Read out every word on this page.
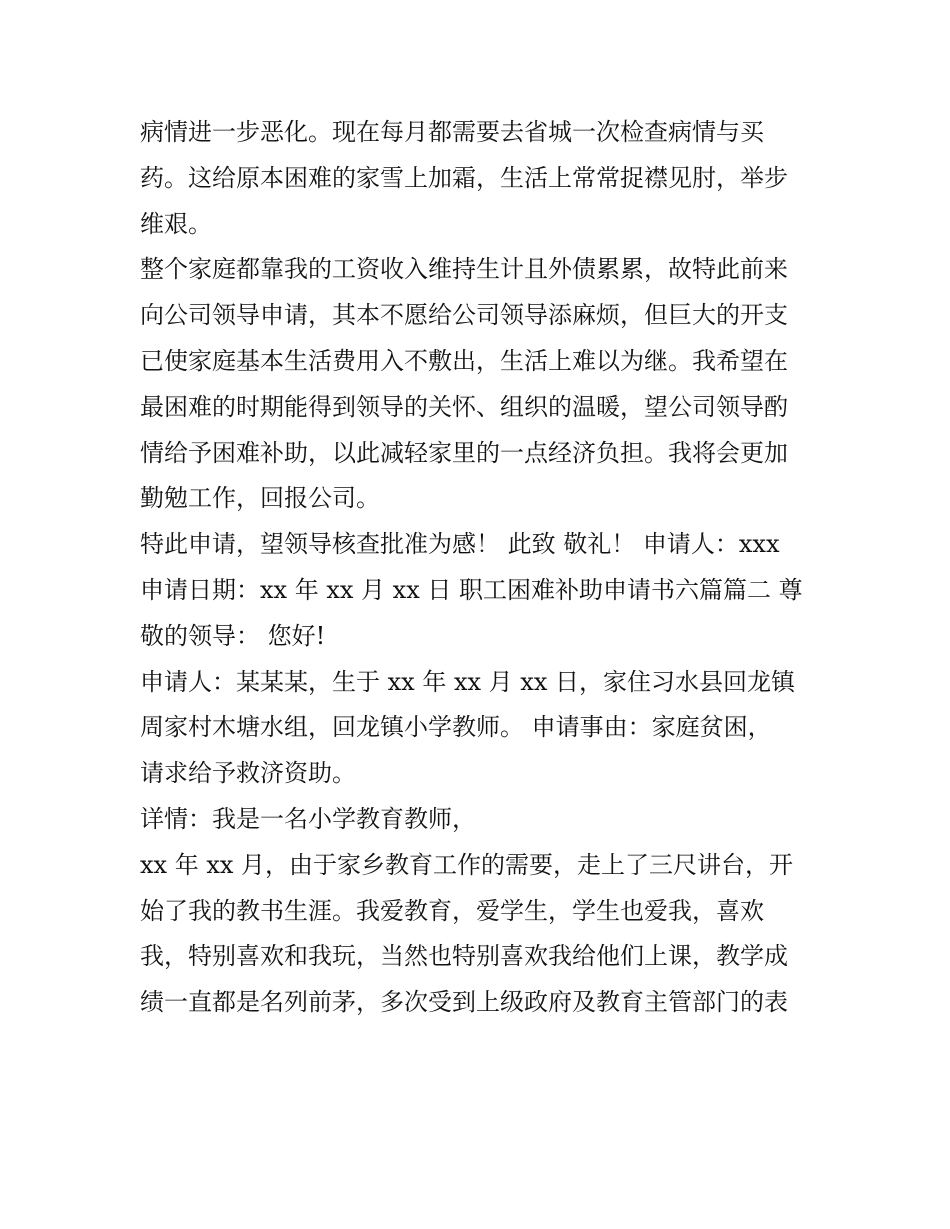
病情进一步恶化。现在每月都需要去省城一次检查病情与买
药。这给原本困难的家雪上加霜，生活上常常捉襟见肘，举步
维艰。
整个家庭都靠我的工资收入维持生计且外债累累，故特此前来
向公司领导申请，其本不愿给公司领导添麻烦，但巨大的开支
已使家庭基本生活费用入不敷出，生活上难以为继。我希望在
最困难的时期能得到领导的关怀、组织的温暖，望公司领导酌
情给予困难补助，以此减轻家里的一点经济负担。我将会更加
勤勉工作，回报公司。
特此申请，望领导核查批准为感！ 此致 敬礼！ 申请人：xxx
申请日期：xx 年 xx 月 xx 日 职工困难补助申请书六篇篇二 尊
敬的领导： 您好!
申请人：某某某，生于 xx 年 xx 月 xx 日，家住习水县回龙镇
周家村木塘水组，回龙镇小学教师。 申请事由：家庭贫困，
请求给予救济资助。
详情：我是一名小学教育教师，
xx 年 xx 月，由于家乡教育工作的需要，走上了三尺讲台，开
始了我的教书生涯。我爱教育，爱学生，学生也爱我，喜欢
我，特别喜欢和我玩，当然也特别喜欢我给他们上课，教学成
绩一直都是名列前茅，多次受到上级政府及教育主管部门的表
